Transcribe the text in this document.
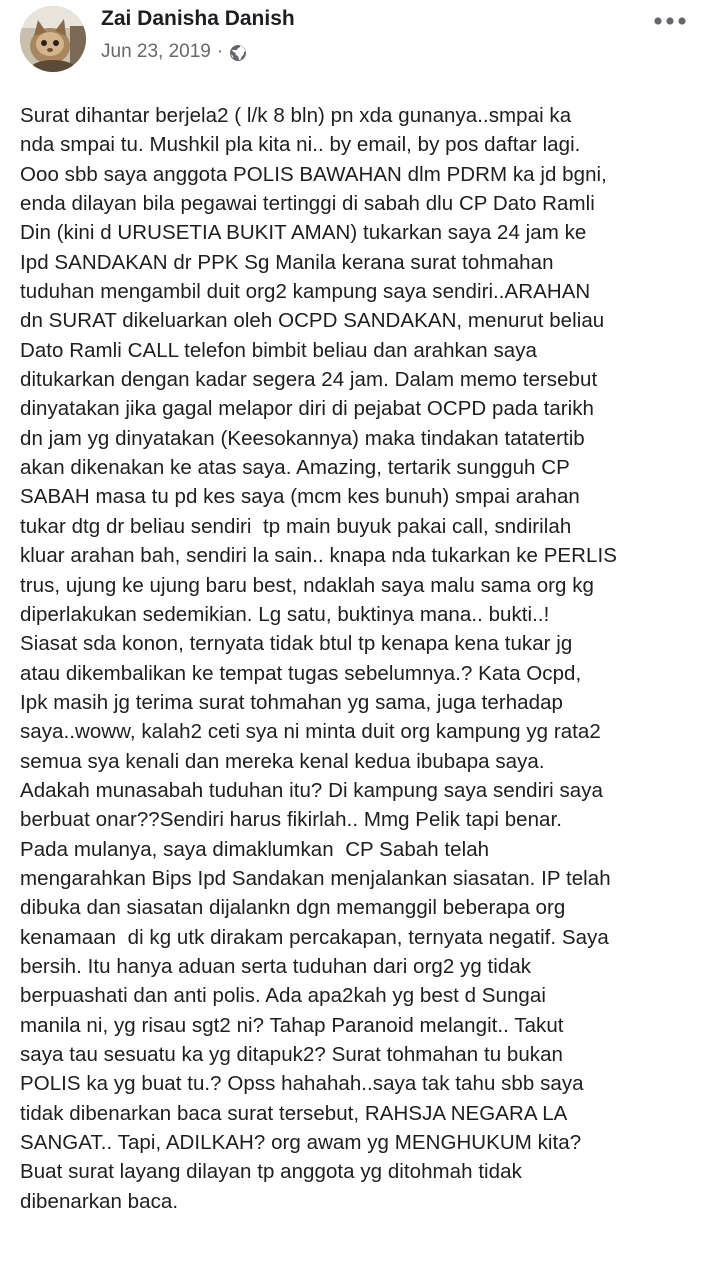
Zai Danisha Danish
Jun 23, 2019 ·
Surat dihantar berjela2 ( l/k 8 bln) pn xda gunanya..smpai ka
nda smpai tu. Mushkil pla kita ni.. by email, by pos daftar lagi.
Ooo sbb saya anggota POLIS BAWAHAN dlm PDRM ka jd bgni,
enda dilayan bila pegawai tertinggi di sabah dlu CP Dato Ramli
Din (kini d URUSETIA BUKIT AMAN) tukarkan saya 24 jam ke
Ipd SANDAKAN dr PPK Sg Manila kerana surat tohmahan
tuduhan mengambil duit org2 kampung saya sendiri..ARAHAN
dn SURAT dikeluarkan oleh OCPD SANDAKAN, menurut beliau
Dato Ramli CALL telefon bimbit beliau dan arahkan saya
ditukarkan dengan kadar segera 24 jam. Dalam memo tersebut
dinyatakan jika gagal melapor diri di pejabat OCPD pada tarikh
dn jam yg dinyatakan (Keesokannya) maka tindakan tatatertib
akan dikenakan ke atas saya. Amazing, tertarik sungguh CP
SABAH masa tu pd kes saya (mcm kes bunuh) smpai arahan
tukar dtg dr beliau sendiri  tp main buyuk pakai call, sndirilah
kluar arahan bah, sendiri la sain.. knapa nda tukarkan ke PERLIS
trus, ujung ke ujung baru best, ndaklah saya malu sama org kg
diperlakukan sedemikian. Lg satu, buktinya mana.. bukti..!
Siasat sda konon, ternyata tidak btul tp kenapa kena tukar jg
atau dikembalikan ke tempat tugas sebelumnya.? Kata Ocpd,
Ipk masih jg terima surat tohmahan yg sama, juga terhadap
saya..woww, kalah2 ceti sya ni minta duit org kampung yg rata2
semua sya kenali dan mereka kenal kedua ibubapa saya.
Adakah munasabah tuduhan itu? Di kampung saya sendiri saya
berbuat onar??Sendiri harus fikirlah.. Mmg Pelik tapi benar.
Pada mulanya, saya dimaklumkan  CP Sabah telah
mengarahkan Bips Ipd Sandakan menjalankan siasatan. IP telah
dibuka dan siasatan dijalankn dgn memanggil beberapa org
kenamaan  di kg utk dirakam percakapan, ternyata negatif. Saya
bersih. Itu hanya aduan serta tuduhan dari org2 yg tidak
berpuashati dan anti polis. Ada apa2kah yg best d Sungai
manila ni, yg risau sgt2 ni? Tahap Paranoid melangit.. Takut
saya tau sesuatu ka yg ditapuk2? Surat tohmahan tu bukan
POLIS ka yg buat tu.? Opss hahahah..saya tak tahu sbb saya
tidak dibenarkan baca surat tersebut, RAHSJA NEGARA LA
SANGAT.. Tapi, ADILKAH? org awam yg MENGHUKUM kita?
Buat surat layang dilayan tp anggota yg ditohmah tidak
dibenarkan baca.
